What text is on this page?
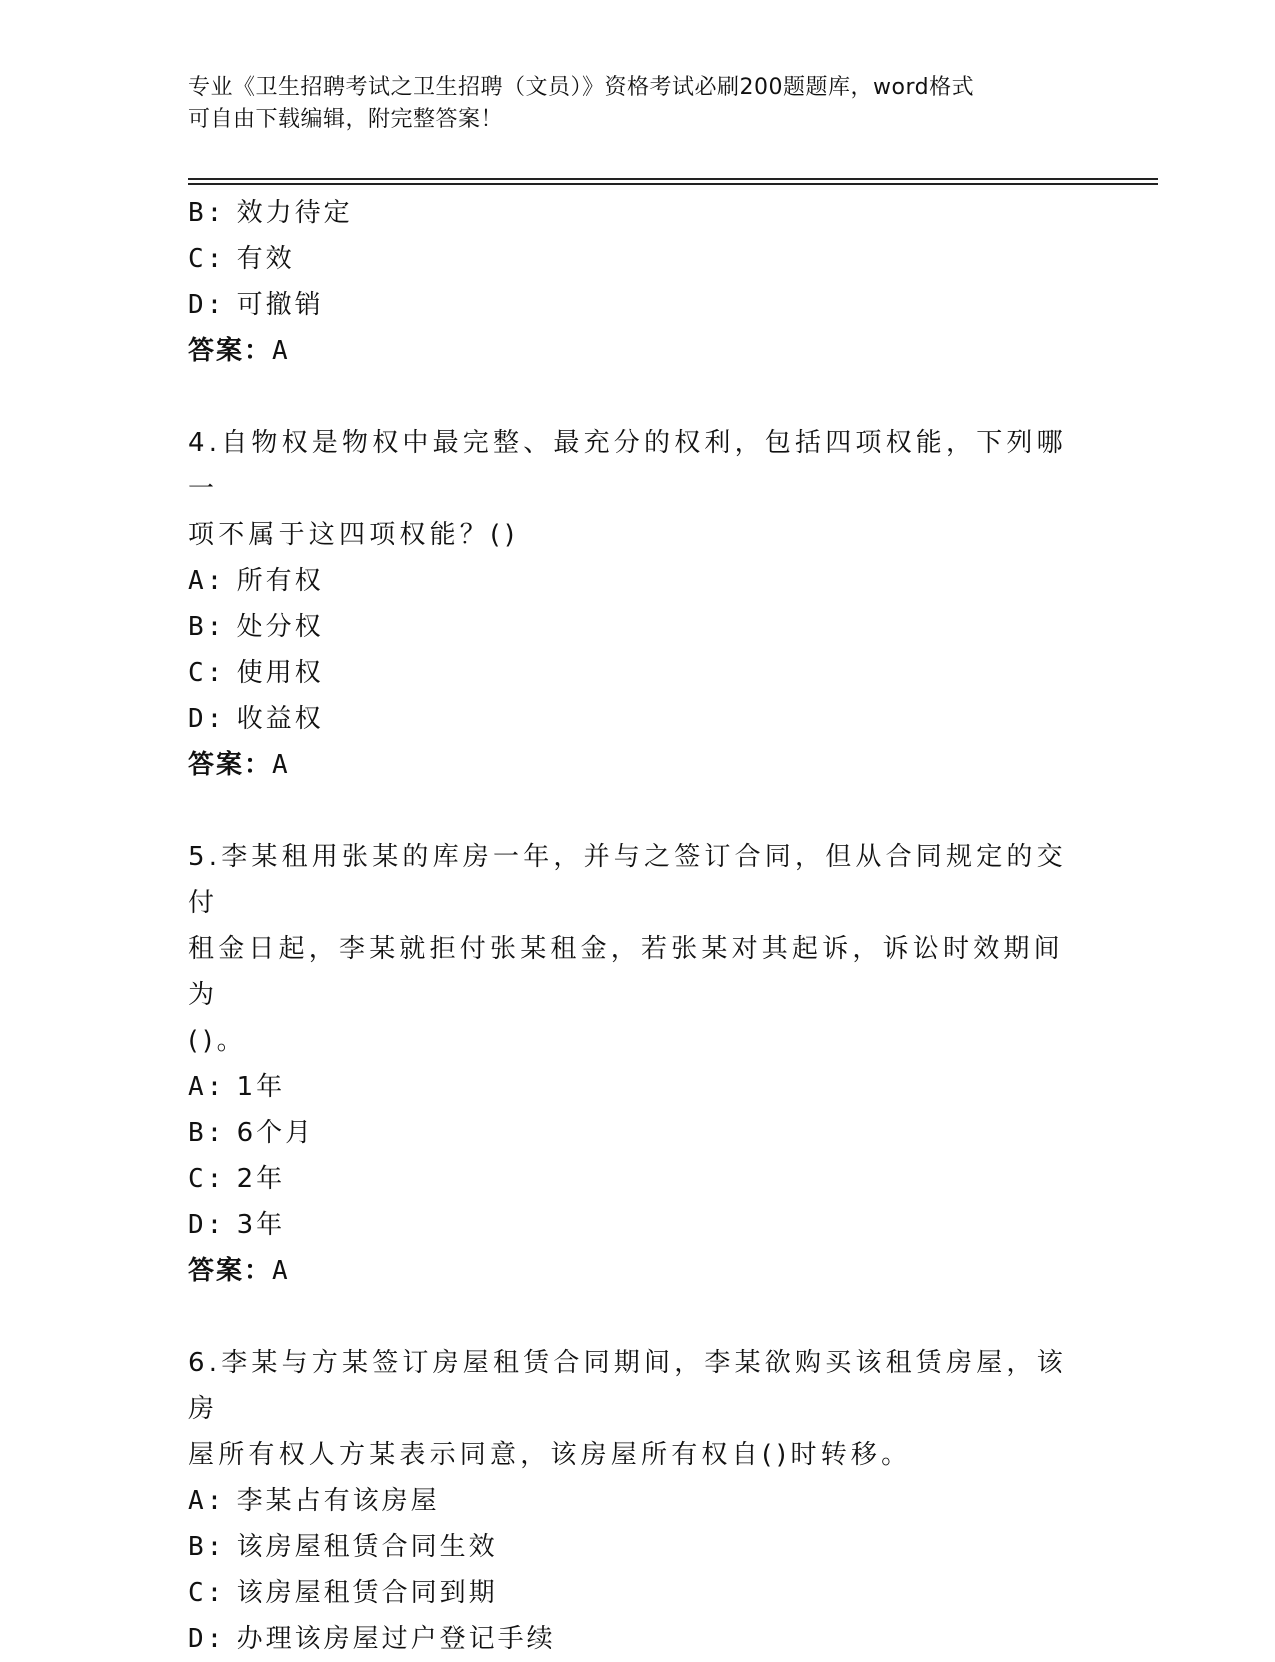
专业《卫生招聘考试之卫生招聘（文员）》资格考试必刷200题题库，word格式
可自由下载编辑，附完整答案！
B: 效力待定
C: 有效
D: 可撤销
答案：A
4.自物权是物权中最完整、最充分的权利，包括四项权能，下列哪一
项不属于这四项权能？()
A: 所有权
B: 处分权
C: 使用权
D: 收益权
答案：A
5.李某租用张某的库房一年，并与之签订合同，但从合同规定的交付
租金日起，李某就拒付张某租金，若张某对其起诉，诉讼时效期间为
()。
A: 1年
B: 6个月
C: 2年
D: 3年
答案：A
6.李某与方某签订房屋租赁合同期间，李某欲购买该租赁房屋，该房
屋所有权人方某表示同意，该房屋所有权自()时转移。
A: 李某占有该房屋
B: 该房屋租赁合同生效
C: 该房屋租赁合同到期
D: 办理该房屋过户登记手续
